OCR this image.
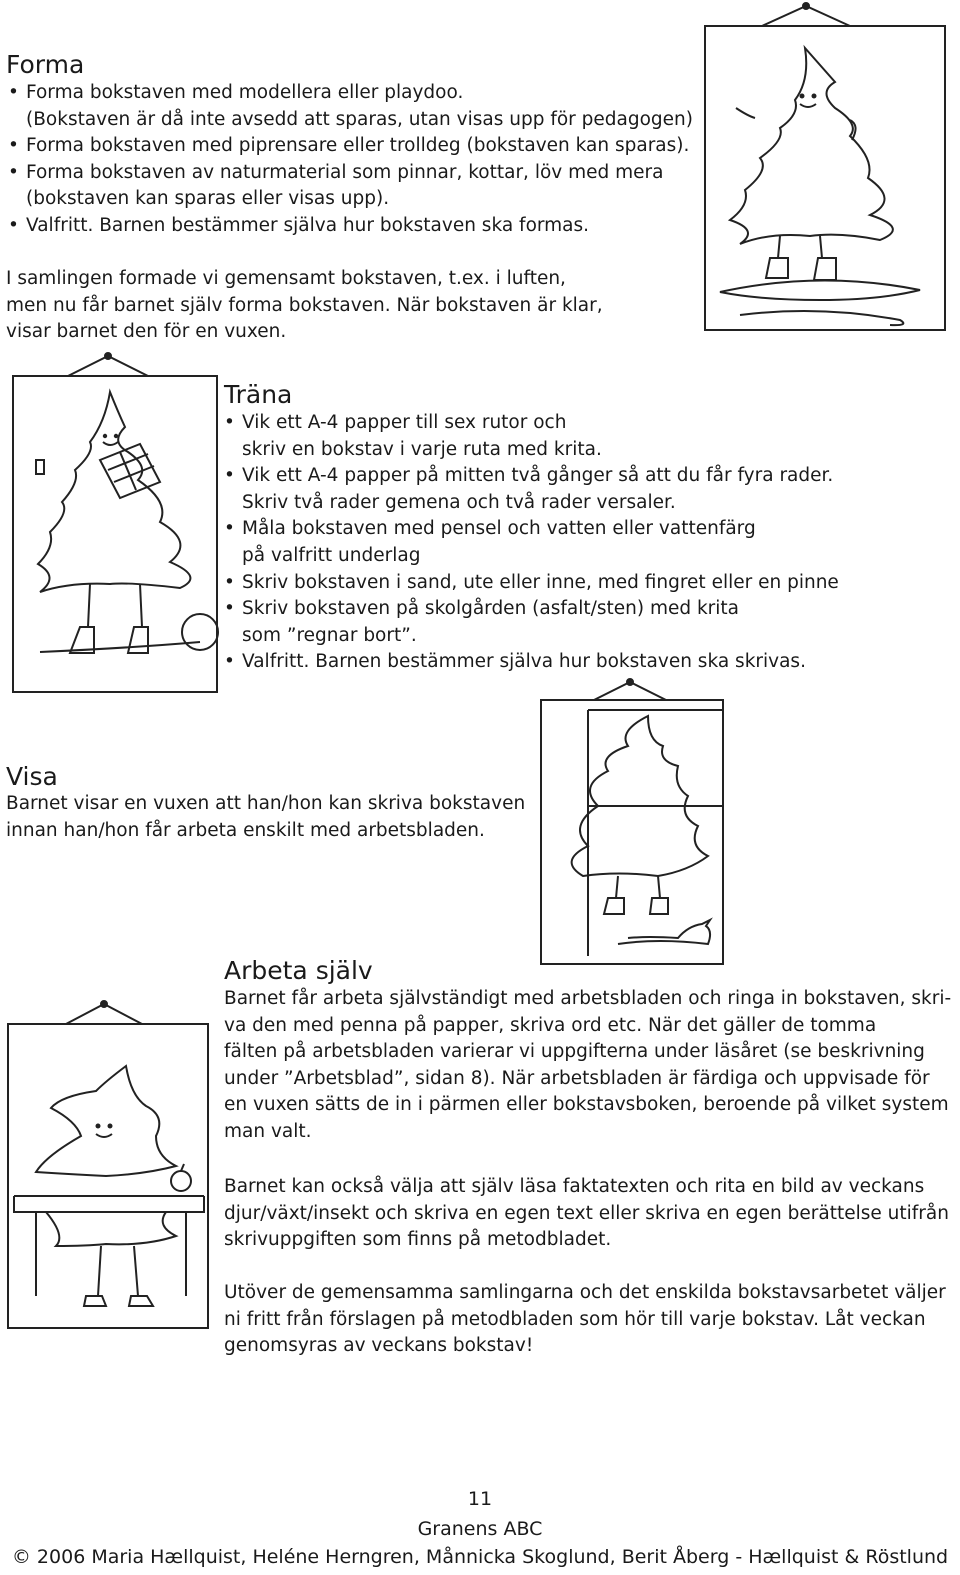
Forma
• Forma bokstaven med modellera eller playdoo.
(Bokstaven är då inte avsedd att sparas, utan visas upp för pedagogen)
• Forma bokstaven med piprensare eller trolldeg (bokstaven kan sparas).
• Forma bokstaven av naturmaterial som pinnar, kottar, löv med mera
(bokstaven kan sparas eller visas upp).
• Valfritt. Barnen bestämmer själva hur bokstaven ska formas.

I samlingen formade vi gemensamt bokstaven, t.ex. i luften,
men nu får barnet själv forma bokstaven. När bokstaven är klar,
visar barnet den för en vuxen.

Träna
• Vik ett A-4 papper till sex rutor och
skriv en bokstav i varje ruta med krita.
• Vik ett A-4 papper på mitten två gånger så att du får fyra rader.
Skriv två rader gemena och två rader versaler.
• Måla bokstaven med pensel och vatten eller vattenfärg
på valfritt underlag
• Skriv bokstaven i sand, ute eller inne, med fingret eller en pinne
• Skriv bokstaven på skolgården (asfalt/sten) med krita
som ”regnar bort”.
• Valfritt. Barnen bestämmer själva hur bokstaven ska skrivas.
Visa

Barnet visar en vuxen att han/hon kan skriva bokstaven
innan han/hon får arbeta enskilt med arbetsbladen.

Arbeta själv

Barnet får arbeta självständigt med arbetsbladen och ringa in bokstaven, skri-
va den med penna på papper, skriva ord etc. När det gäller de tomma
fälten på arbetsbladen varierar vi uppgifterna under läsåret (se beskrivning
under ”Arbetsblad”, sidan 8). När arbetsbladen är färdiga och uppvisade för
en vuxen sätts de in i pärmen eller bokstavsboken, beroende på vilket system
man valt.

Barnet kan också välja att själv läsa faktatexten och rita en bild av veckans
djur/växt/insekt och skriva en egen text eller skriva en egen berättelse utifrån
skrivuppgiften som finns på metodbladet.

Utöver de gemensamma samlingarna och det enskilda bokstavsarbetet väljer
ni fritt från förslagen på metodbladen som hör till varje bokstav. Låt veckan
genomsyras av veckans bokstav!

11
Granens ABC
© 2006 Maria Hællquist, Heléne Herngren, Månnicka Skoglund, Berit Åberg - Hællquist & Röstlund
